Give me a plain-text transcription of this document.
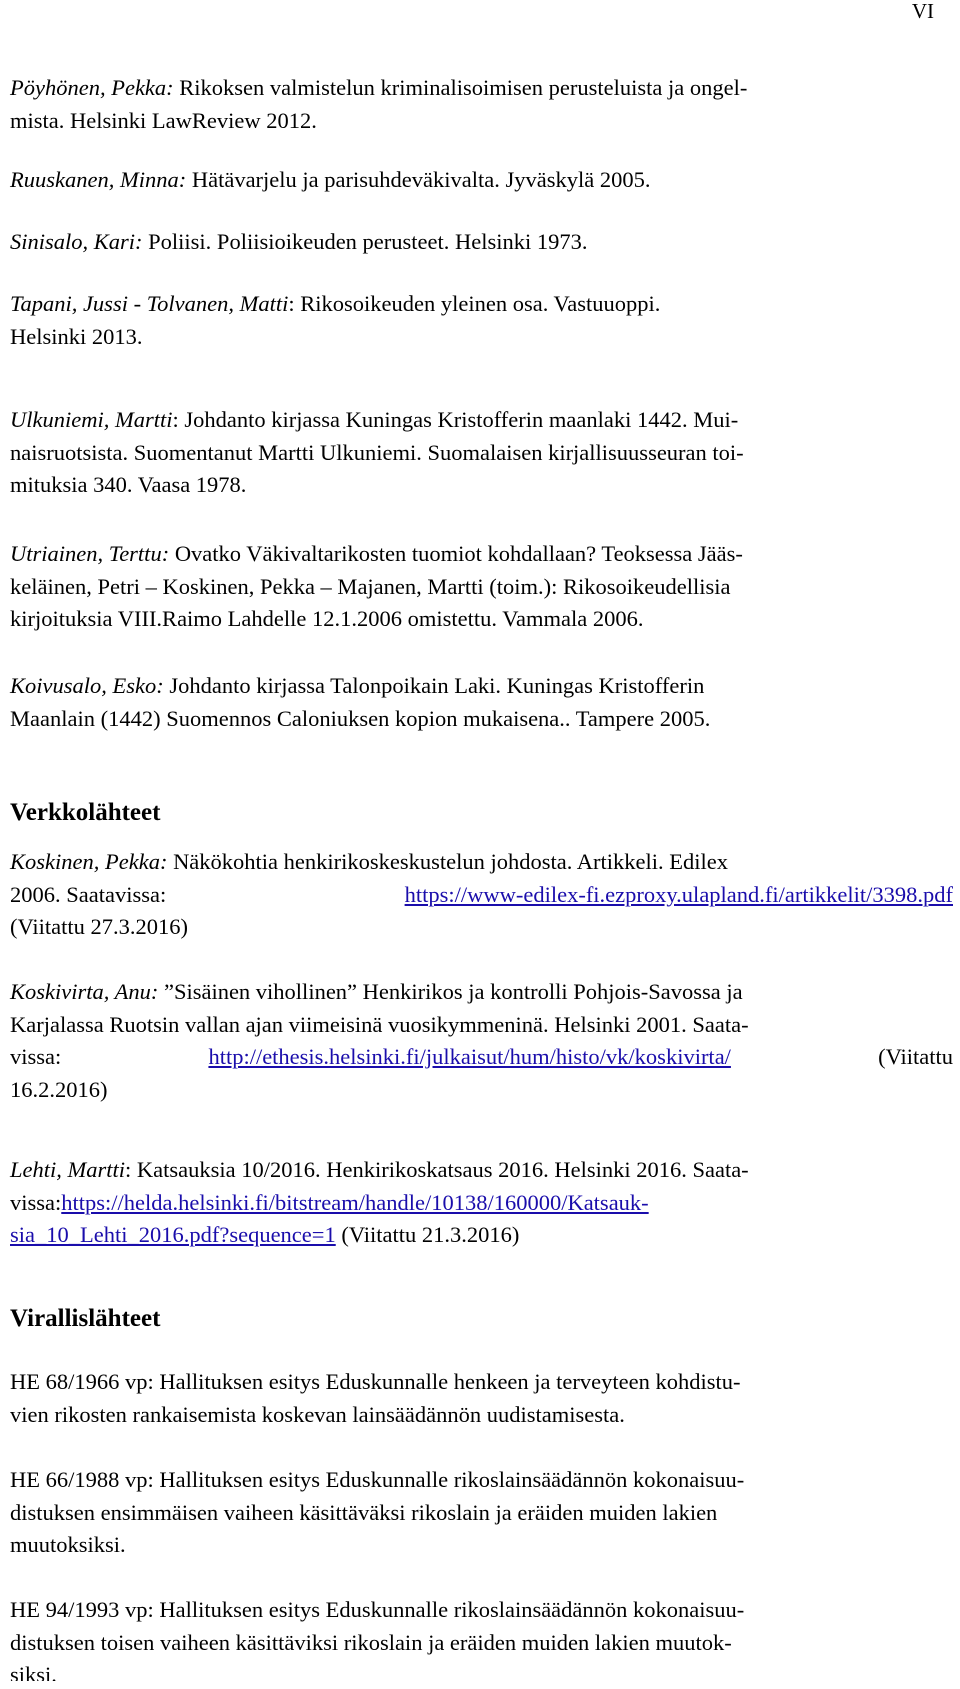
VI
Pöyhönen, Pekka: Rikoksen valmistelun kriminalisoimisen perusteluista ja ongel-
mista. Helsinki LawReview 2012.
Ruuskanen, Minna: Hätävarjelu ja parisuhdeväkivalta. Jyväskylä 2005.
Sinisalo, Kari: Poliisi. Poliisioikeuden perusteet. Helsinki 1973.
Tapani, Jussi - Tolvanen, Matti: Rikosoikeuden yleinen osa. Vastuuoppi.
Helsinki 2013.
Ulkuniemi, Martti: Johdanto kirjassa Kuningas Kristofferin maanlaki 1442. Mui-
naisruotsista. Suomentanut Martti Ulkuniemi. Suomalaisen kirjallisuusseuran toi-
mituksia 340. Vaasa 1978.
Utriainen, Terttu: Ovatko Väkivaltarikosten tuomiot kohdallaan? Teoksessa Jääs-
keläinen, Petri – Koskinen, Pekka – Majanen, Martti (toim.): Rikosoikeudellisia
kirjoituksia VIII.Raimo Lahdelle 12.1.2006 omistettu. Vammala 2006.
Koivusalo, Esko: Johdanto kirjassa Talonpoikain Laki. Kuningas Kristofferin
Maanlain (1442) Suomennos Caloniuksen kopion mukaisena.. Tampere 2005.
Verkkolähteet
Koskinen, Pekka: Näkökohtia henkirikoskeskustelun johdosta. Artikkeli. Edilex
2006. Saatavissa:	https://www-edilex-fi.ezproxy.ulapland.fi/artikkelit/3398.pdf
(Viitattu 27.3.2016)
Koskivirta, Anu: ”Sisäinen vihollinen” Henkirikos ja kontrolli Pohjois-Savossa ja
Karjalassa Ruotsin vallan ajan viimeisinä vuosikymmeninä. Helsinki 2001. Saata-
vissa:	http://ethesis.helsinki.fi/julkaisut/hum/histo/vk/koskivirta/	(Viitattu
16.2.2016)
Lehti, Martti: Katsauksia 10/2016. Henkirikoskatsaus 2016. Helsinki 2016. Saata-
vissa:https://helda.helsinki.fi/bitstream/handle/10138/160000/Katsauk-
sia_10_Lehti_2016.pdf?sequence=1 (Viitattu 21.3.2016)
Virallislähteet
HE 68/1966 vp: Hallituksen esitys Eduskunnalle henkeen ja terveyteen kohdistu-
vien rikosten rankaisemista koskevan lainsäädännön uudistamisesta.
HE 66/1988 vp: Hallituksen esitys Eduskunnalle rikoslainsäädännön kokonaisuu-
distuksen ensimmäisen vaiheen käsittäväksi rikoslain ja eräiden muiden lakien
muutoksiksi.
HE 94/1993 vp: Hallituksen esitys Eduskunnalle rikoslainsäädännön kokonaisuu-
distuksen toisen vaiheen käsittäviksi rikoslain ja eräiden muiden lakien muutok-
siksi.
